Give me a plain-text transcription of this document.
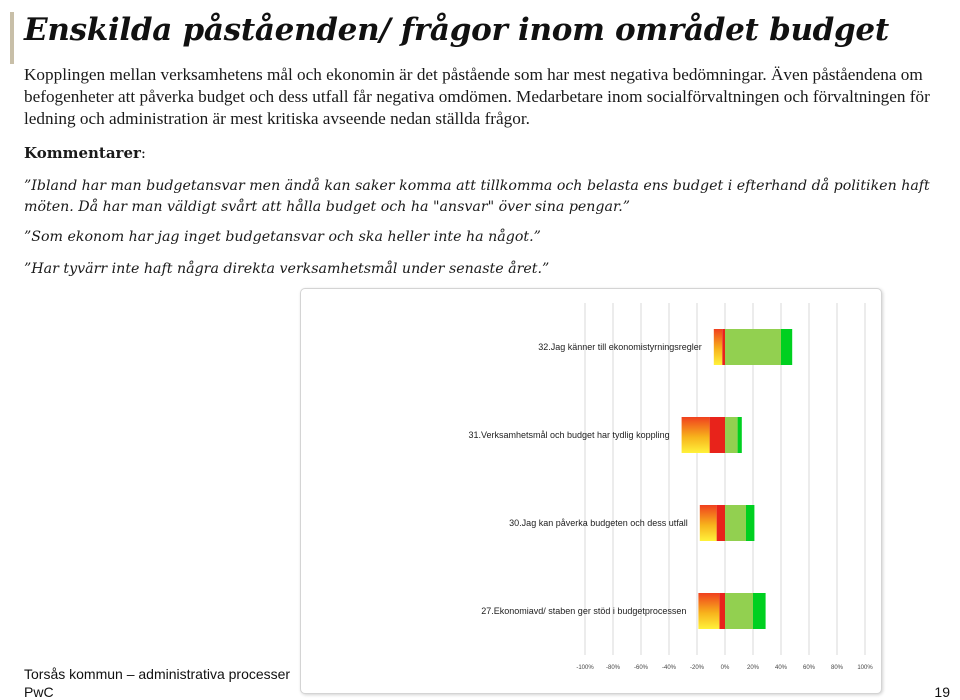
Enskilda påståenden/ frågor inom området budget

Kopplingen mellan verksamhetens mål och ekonomin är det påstående som har mest negativa bedömningar. Även påståendena om befogenheter att påverka budget och dess utfall får negativa omdömen. Medarbetare inom socialförvaltningen och förvaltningen för ledning och administration är mest kritiska avseende nedan ställda frågor.

Kommentarer:

”Ibland har man budgetansvar men ändå kan saker komma att tillkomma och belasta ens budget i efterhand då politiken haft möten. Då har man väldigt svårt att hålla budget och ha "ansvar" över sina pengar.”

”Som ekonom har jag inget budgetansvar och ska heller inte ha något.”

”Har tyvärr inte haft några direkta verksamhetsmål under senaste året.”

-100% -80% -60% -40% -20%	0%	20%	40%	60%	80% 100%
32.Jag känner till ekonomistyrningsregler
31.Verksamhetsmål och budget har tydlig koppling
30.Jag kan påverka budgeten och dess utfall
27.Ekonomiavd/ staben ger stöd i budgetprocessen
Torsås kommun – administrativa processer
PwC	19
